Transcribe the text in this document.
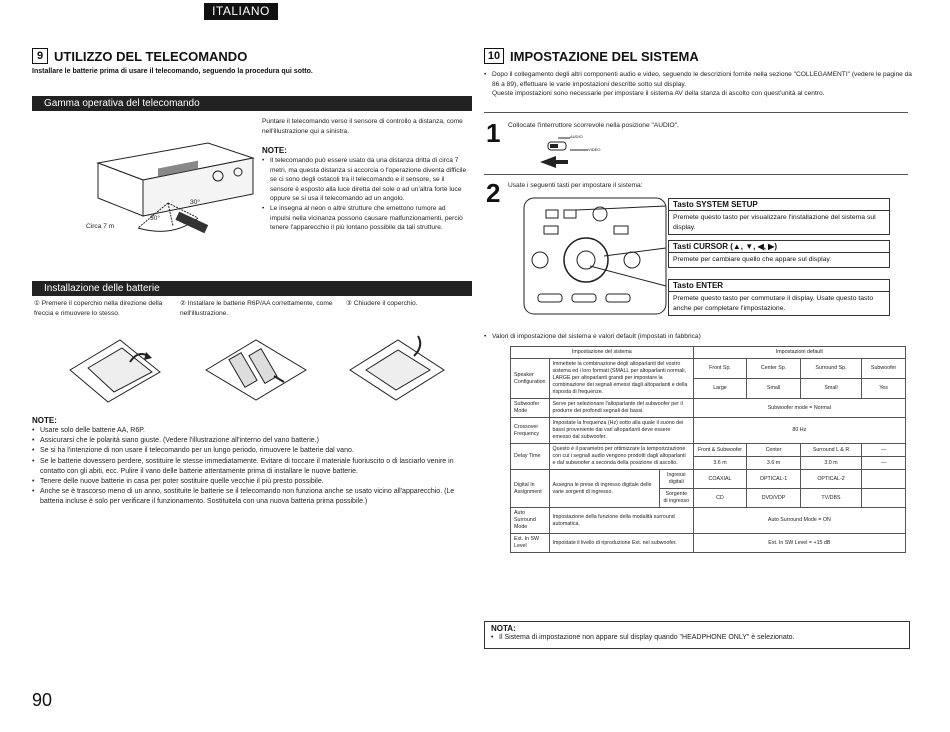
ITALIANO
9 UTILIZZO DEL TELECOMANDO
Installare le batterie prima di usare il telecomando, seguendo la procedura qui sotto.
Gamma operativa del telecomando
30°
30°
Circa 7 m
Puntare il telecomando verso il sensore di controllo a distanza, come nell'illustrazione qui a sinistra.
NOTE:
• Il telecomando può essere usato da una distanza dritta di circa 7 metri, ma questa distanza si accorcia o l'operazione diventa difficile se ci sono degli ostacoli tra il telecomando e il sensore, se il sensore è esposto alla luce diretta del sole o ad un'altra forte luce oppure se si usa il telecomando ad un angolo.
• Le insegna al neon o altre strutture che emettono rumore ad impulsi nella vicinanza possono causare malfunzionamenti, perciò tenere l'apparecchio il più lontano possibile da tali strutture.
Installazione delle batterie
① Premere il coperchio nella direzione della freccia e rimuovere lo stesso.
② Installare le batterie R6P/AA correttamente, come nell'illustrazione.
③ Chiudere il coperchio.
NOTE:
• Usare solo delle batterie AA, R6P.
• Assicurarsi che le polarità siano giuste. (Vedere l'illustrazione all'interno del vano batterie.)
• Se si ha l'intenzione di non usare il telecomando per un lungo periodo, rimuovere le batterie dal vano.
• Se le batterie dovessero perdere, sostituire le stesse immediatamente. Evitare di toccare il materiale fuoriuscito o di lasciarlo venire in contatto con gli abiti, ecc. Pulire il vano delle batterie attentamente prima di installare le nuove batterie.
• Tenere delle nuove batterie in casa per poter sostituire quelle vecchie il più presto possibile.
• Anche se è trascorso meno di un anno, sostituite le batterie se il telecomando non funziona anche se usato vicino all'apparecchio. (Le batteria incluse è solo per verificare il funzionamento. Sostituitela con una nuova batteria prima possibile.)
10 IMPOSTAZIONE DEL SISTEMA
• Dopo il collegamento degli altri componenti audio e video, seguendo le descrizioni fornite nella sezione "COLLEGAMENTI" (vedere le pagine da 86 a 89), effettuare le varie impostazioni descritte sotto sul display.
Queste impostazioni sono necessarie per impostare il sistema AV della stanza di ascolto con quest'unità al centro.
1 Collocate l'interruttore scorrevole nella posizione "AUDIO".
AUDIO
VIDEO
2 Usate i seguenti tasti per impostare il sistema:
Tasto SYSTEM SETUP
Premete questo tasto per visualizzare l'installazione del sistema sul display.
Tasti CURSOR (▲, ▼, ◀, ▶)
Premete per cambiare quello che appare sul display.
Tasto ENTER
Premete questo tasto per commutare il display. Usate questo tasto anche per completare l'impostazione.
• Valori di impostazione del sistema e valori default (impostati in fabbrica)
Impostazione del sistema			Impostazioni default			
Speaker Configuration	Immettete la combinazione degli altoparlanti del vostro sistema ed i loro formati (SMALL per altoparlanti normali, LARGE per altoparlanti grandi per impostare la combinazione dei segnali emessi dagli altoparlanti e della risposta di frequenze.		Front Sp.	Center Sp.	Surround Sp.	Subwoofer
			Large	Small	Small	Yes
Subwoofer Mode	Serve per selezionare l'altoparlante del subwoofer per il produrre dei profondi segnali dei bassi.		Subwoofer mode = Normal			
Crossover Frequency	Impostate la frequenza (Hz) sotto alla quale il suono dei bassi proveniente dai vari altoparlanti deve essere emesso dal subwoofer.		80 Hz			
Delay Time	Questo è il parametro per ottimizzare la temporizzazione con cui i segnali audio vengono prodotti dagli altoparlanti e dal subwoofer a seconda della posizione di ascolto.		Front & Subwoofer	Center	Surround L & R	—
			3.6 m	3.6 m	3.0 m	—
Digital In Assignment	Assegna le prese di ingresso digitale delle varie sorgenti di ingresso.	Ingressi digitali	COAXIAL	OPTICAL-1	OPTICAL-2	
		Sorgente di ingresso	CD	DVD/VDP	TV/DBS	
Auto Surround Mode	Impostazione della funzione della modalità surround automatica.		Auto Surround Mode = ON			
Ext. In SW Level	Impostate il livello di riproduzione Ext. nel subwoofer.		Ext. In SW Level = +15 dB			
NOTA:
• Il Sistema di impostazione non appare sul display quando "HEADPHONE ONLY" è selezionato.
90
